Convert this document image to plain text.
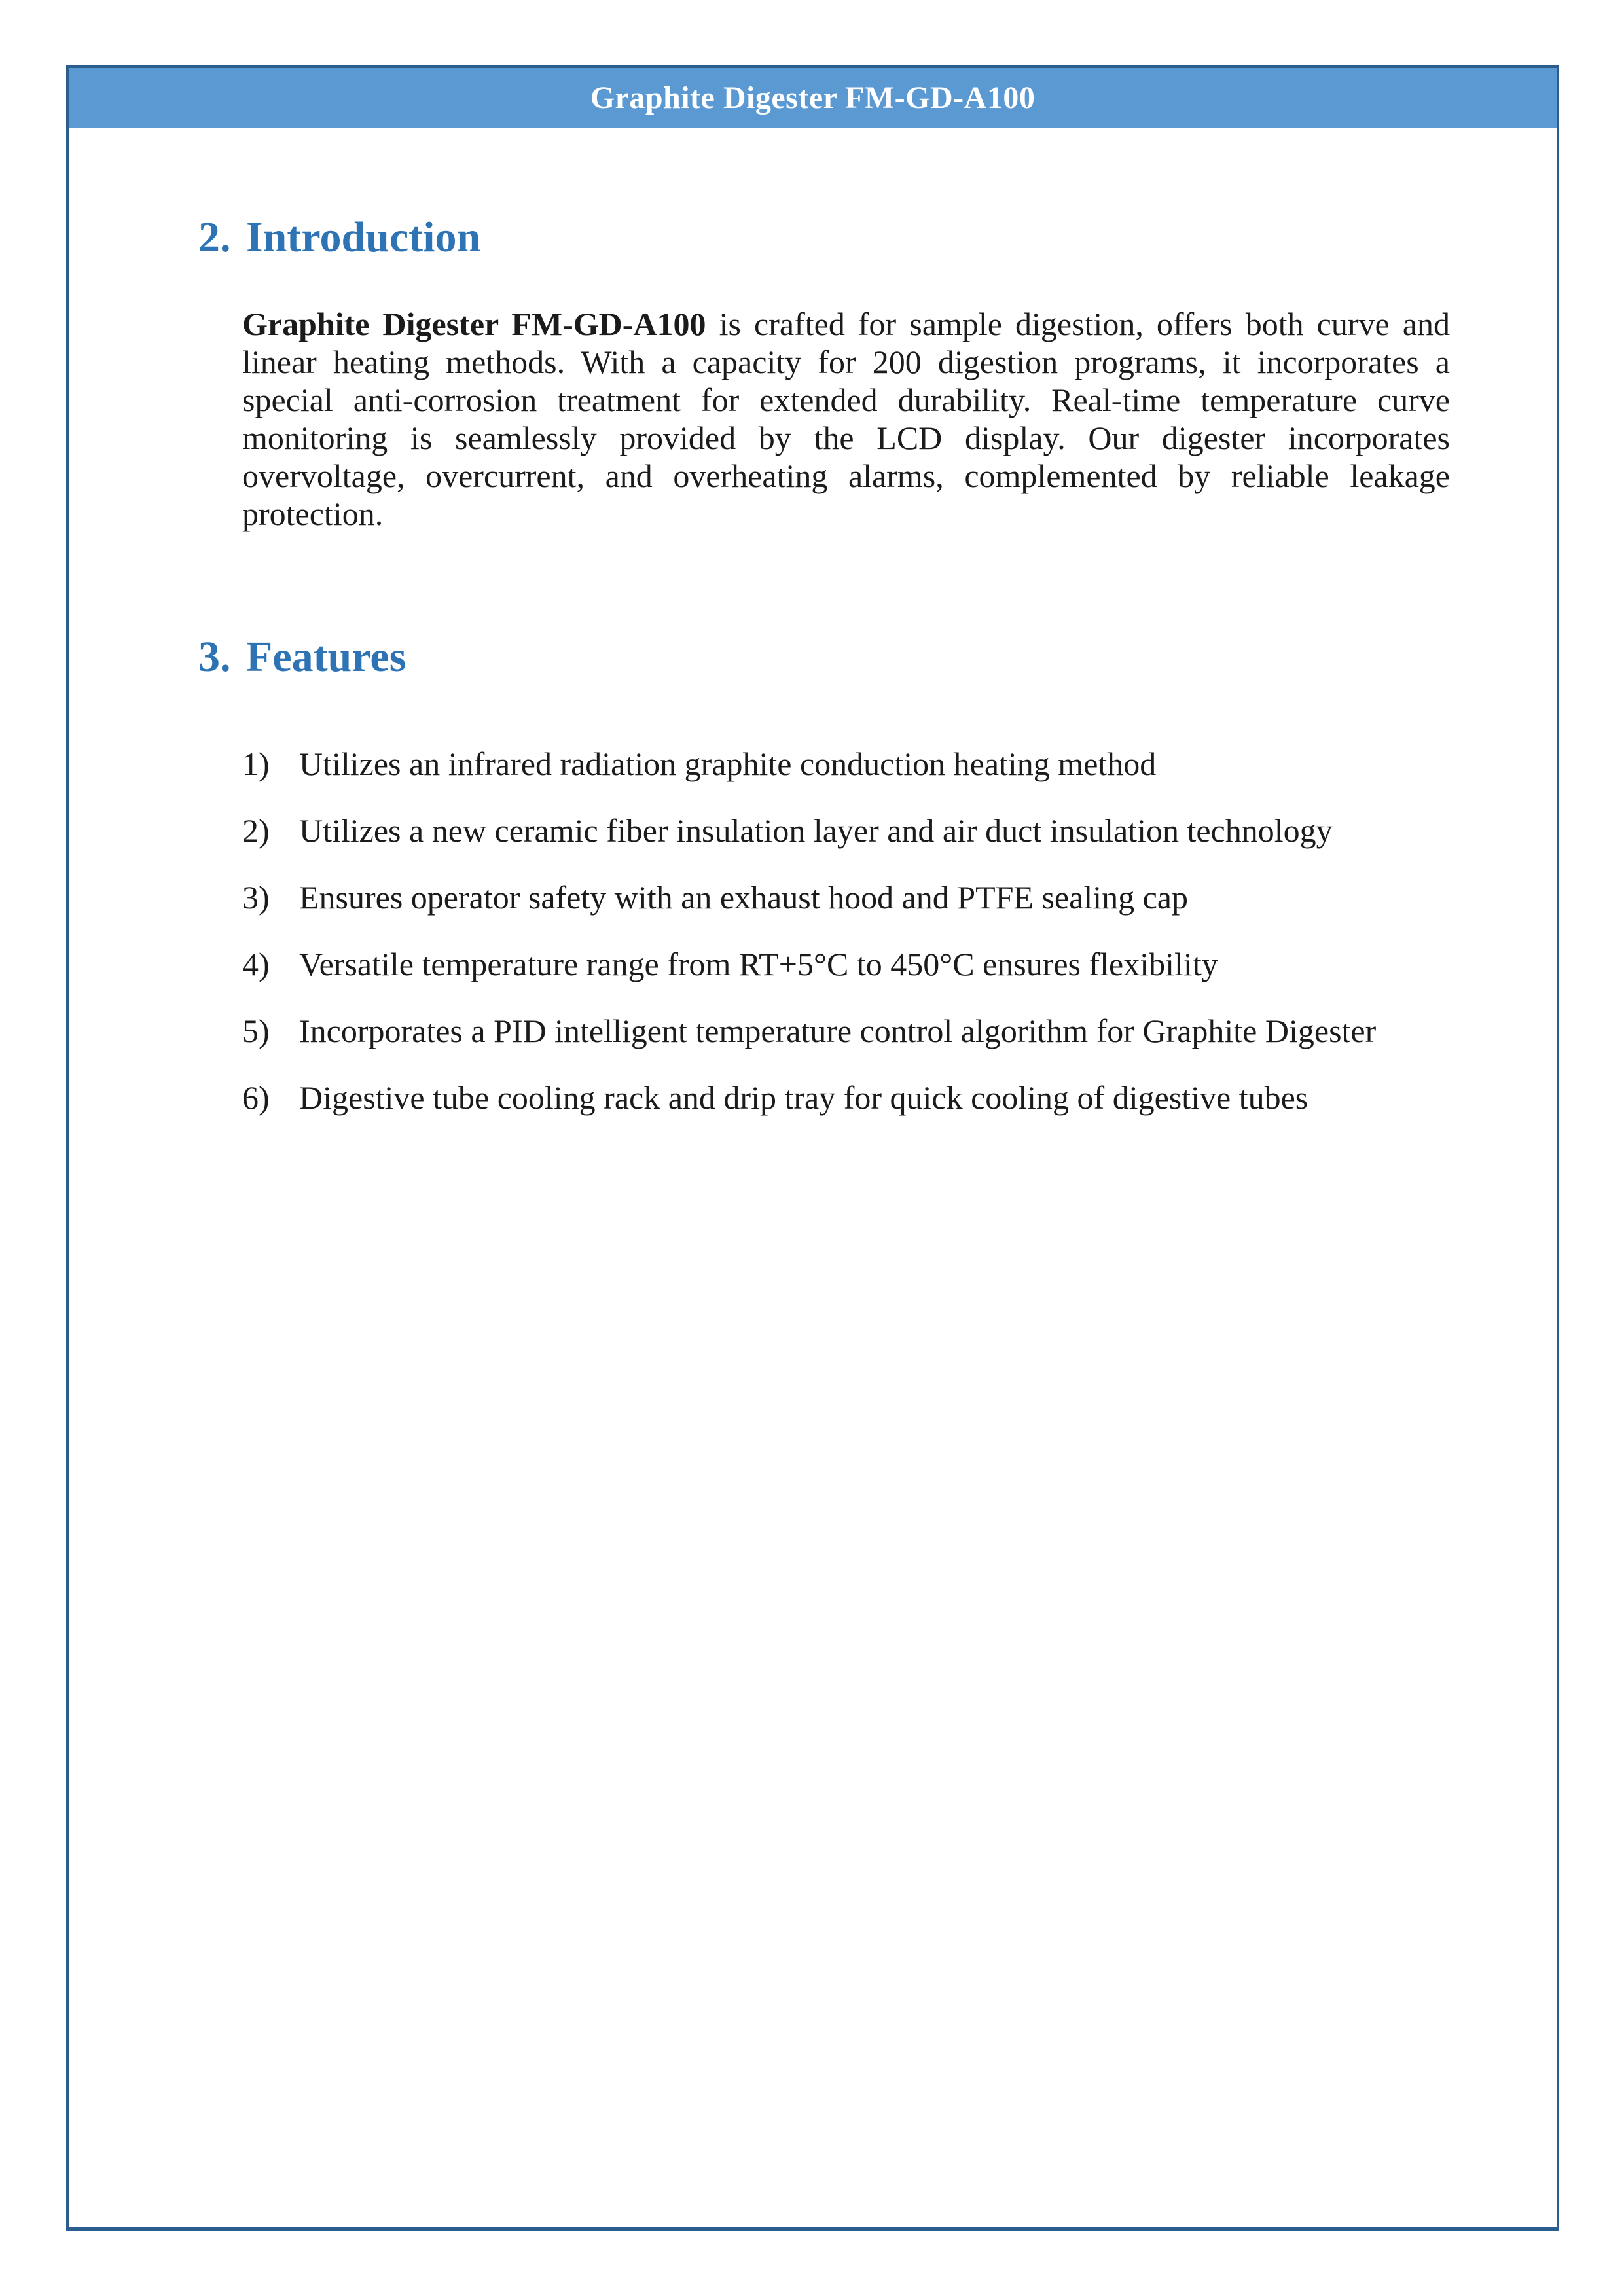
Graphite Digester FM-GD-A100
2. Introduction

Graphite Digester FM-GD-A100 is crafted for sample digestion, offers both curve and linear heating methods. With a capacity for 200 digestion programs, it incorporates a special anti-corrosion treatment for extended durability. Real-time temperature curve monitoring is seamlessly provided by the LCD display. Our digester incorporates overvoltage, overcurrent, and overheating alarms, complemented by reliable leakage protection.

3. Features
1) Utilizes an infrared radiation graphite conduction heating method
2) Utilizes a new ceramic fiber insulation layer and air duct insulation technology
3) Ensures operator safety with an exhaust hood and PTFE sealing cap
4) Versatile temperature range from RT+5°C to 450°C ensures flexibility
5) Incorporates a PID intelligent temperature control algorithm for Graphite Digester
6) Digestive tube cooling rack and drip tray for quick cooling of digestive tubes
